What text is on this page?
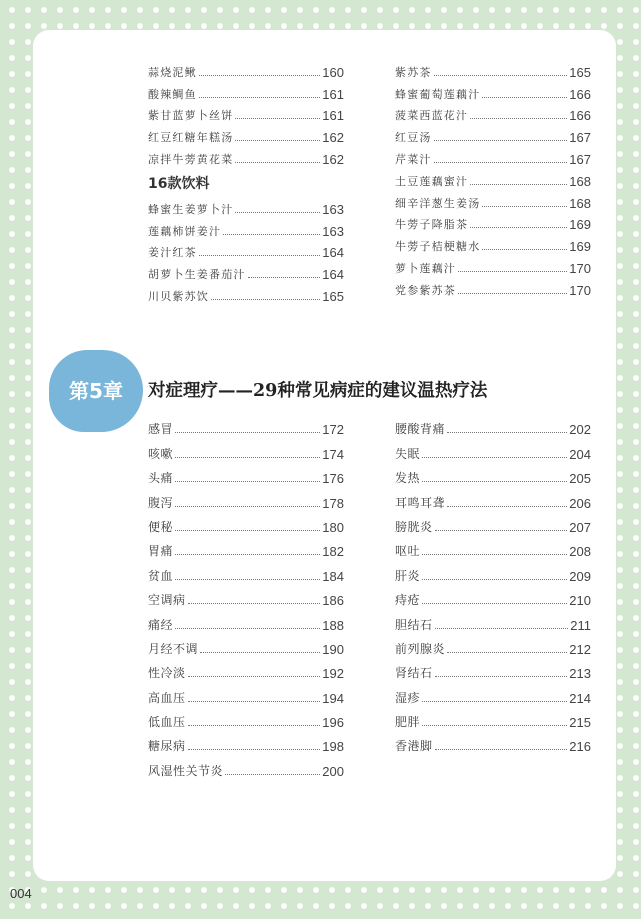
蒜烧泥鳅	160
酸辣鲷鱼	161
紫甘蓝萝卜丝饼	161
红豆红糖年糕汤	162
凉拌牛蒡黄花菜	162
16款饮料
蜂蜜生姜萝卜汁	163
莲藕柿饼姜汁	163
姜汁红茶	164
胡萝卜生姜番茄汁	164
川贝紫苏饮	165
紫苏茶	165
蜂蜜葡萄莲藕汁	166
菠菜西蓝花汁	166
红豆汤	167
芹菜汁	167
土豆莲藕蜜汁	168
细辛洋葱生姜汤	168
牛蒡子降脂茶	169
牛蒡子桔梗糖水	169
萝卜莲藕汁	170
党参紫苏茶	170
第5章	对症理疗——29种常见病症的建议温热疗法
感冒	172
咳嗽	174
头痛	176
腹泻	178
便秘	180
胃痛	182
贫血	184
空调病	186
痛经	188
月经不调	190
性冷淡	192
高血压	194
低血压	196
糖尿病	198
风湿性关节炎	200
腰酸背痛	202
失眠	204
发热	205
耳鸣耳聋	206
膀胱炎	207
呕吐	208
肝炎	209
痔疮	210
胆结石	211
前列腺炎	212
肾结石	213
湿疹	214
肥胖	215
香港脚	216
004
